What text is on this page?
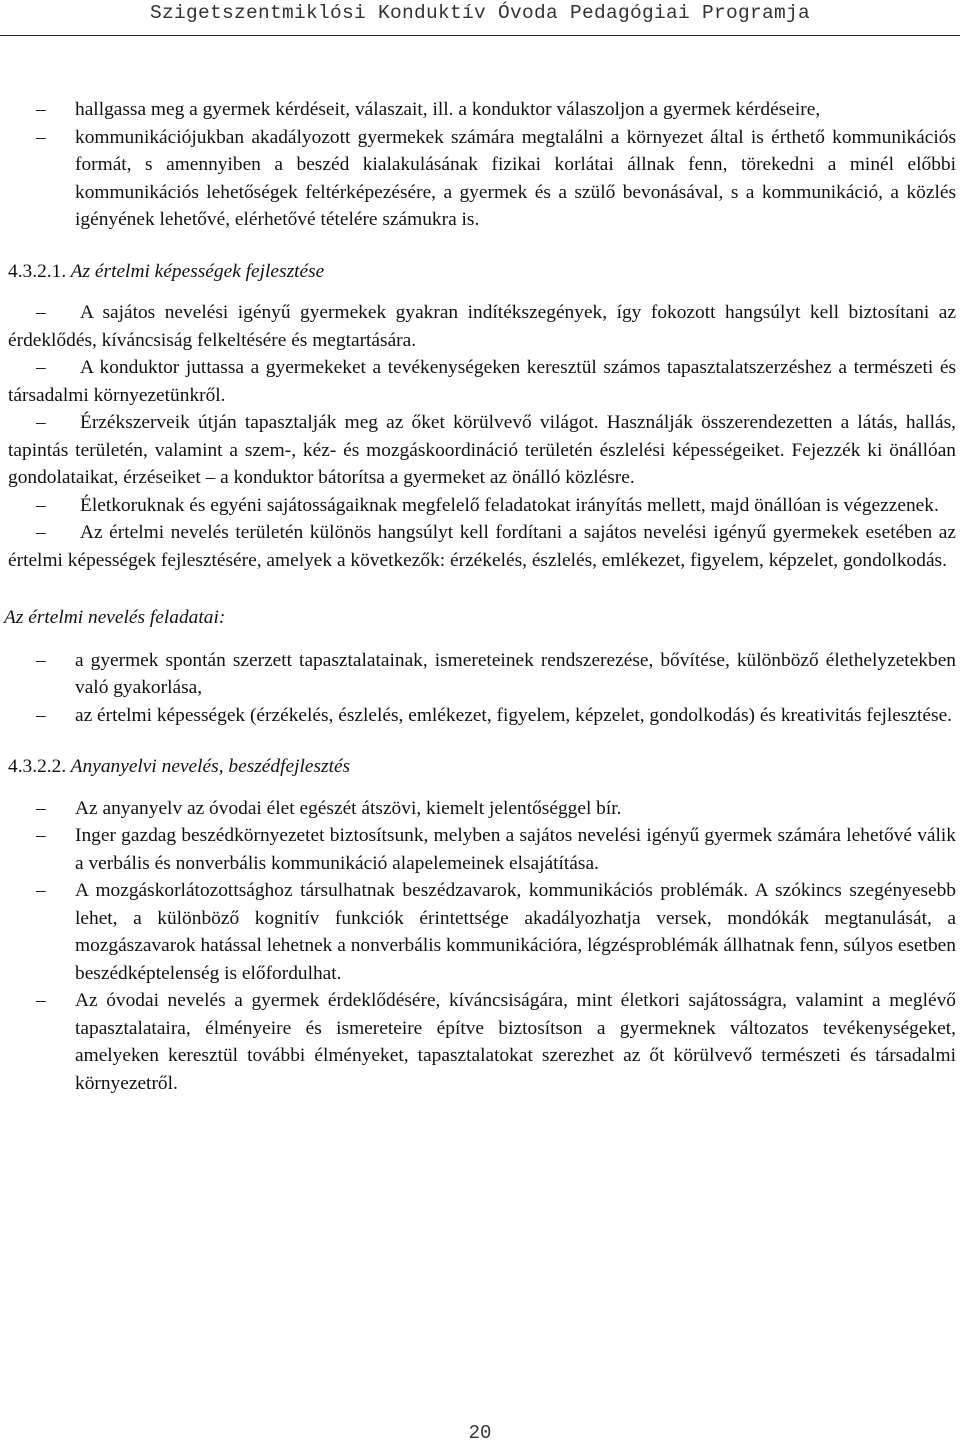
Szigetszentmiklósi Konduktív Óvoda Pedagógiai Programja
–	hallgassa meg a gyermek kérdéseit, válaszait, ill. a konduktor válaszoljon a gyermek kérdéseire,
–	kommunikációjukban akadályozott gyermekek számára megtalálni a környezet által is érthető kommunikációs formát, s amennyiben a beszéd kialakulásának fizikai korlátai állnak fenn, törekedni a minél előbbi kommunikációs lehetőségek feltérképezésére, a gyermek és a szülő bevonásával, s a kommunikáció, a közlés igényének lehetővé, elérhetővé tételére számukra is.

4.3.2.1. Az értelmi képességek fejlesztése

–	A sajátos nevelési igényű gyermekek gyakran indítékszegények, így fokozott hangsúlyt kell biztosítani az érdeklődés, kíváncsiság felkeltésére és megtartására.
–	A konduktor juttassa a gyermekeket a tevékenységeken keresztül számos tapasztalatszerzéshez a természeti és társadalmi környezetünkről.
–	Érzékszerveik útján tapasztalják meg az őket körülvevő világot. Használják összerendezetten a látás, hallás, tapintás területén, valamint a szem-, kéz- és mozgáskoordináció területén észlelési képességeiket. Fejezzék ki önállóan gondolataikat, érzéseiket – a konduktor bátorítsa a gyermeket az önálló közlésre.
–	Életkoruknak és egyéni sajátosságaiknak megfelelő feladatokat irányítás mellett, majd önállóan is végezzenek.
–	Az értelmi nevelés területén különös hangsúlyt kell fordítani a sajátos nevelési igényű gyermekek esetében az értelmi képességek fejlesztésére, amelyek a következők: érzékelés, észlelés, emlékezet, figyelem, képzelet, gondolkodás.

Az értelmi nevelés feladatai:

–	a gyermek spontán szerzett tapasztalatainak, ismereteinek rendszerezése, bővítése, különböző élethelyzetekben való gyakorlása,
–	az értelmi képességek (érzékelés, észlelés, emlékezet, figyelem, képzelet, gondolkodás) és kreativitás fejlesztése.

4.3.2.2. Anyanyelvi nevelés, beszédfejlesztés

–	Az anyanyelv az óvodai élet egészét átszövi, kiemelt jelentőséggel bír.
–	Inger gazdag beszédkörnyezetet biztosítsunk, melyben a sajátos nevelési igényű gyermek számára lehetővé válik a verbális és nonverbális kommunikáció alapelemeinek elsajátítása.
–	A mozgáskorlátozottsághoz társulhatnak beszédzavarok, kommunikációs problémák. A szókincs szegényesebb lehet, a különböző kognitív funkciók érintettsége akadályozhatja versek, mondókák megtanulását, a mozgászavarok hatással lehetnek a nonverbális kommunikációra, légzésproblémák állhatnak fenn, súlyos esetben beszédképtelenség is előfordulhat.
–	Az óvodai nevelés a gyermek érdeklődésére, kíváncsiságára, mint életkori sajátosságra, valamint a meglévő tapasztalataira, élményeire és ismereteire építve biztosítson a gyermeknek változatos tevékenységeket, amelyeken keresztül további élményeket, tapasztalatokat szerezhet az őt körülvevő természeti és társadalmi környezetről.
20
